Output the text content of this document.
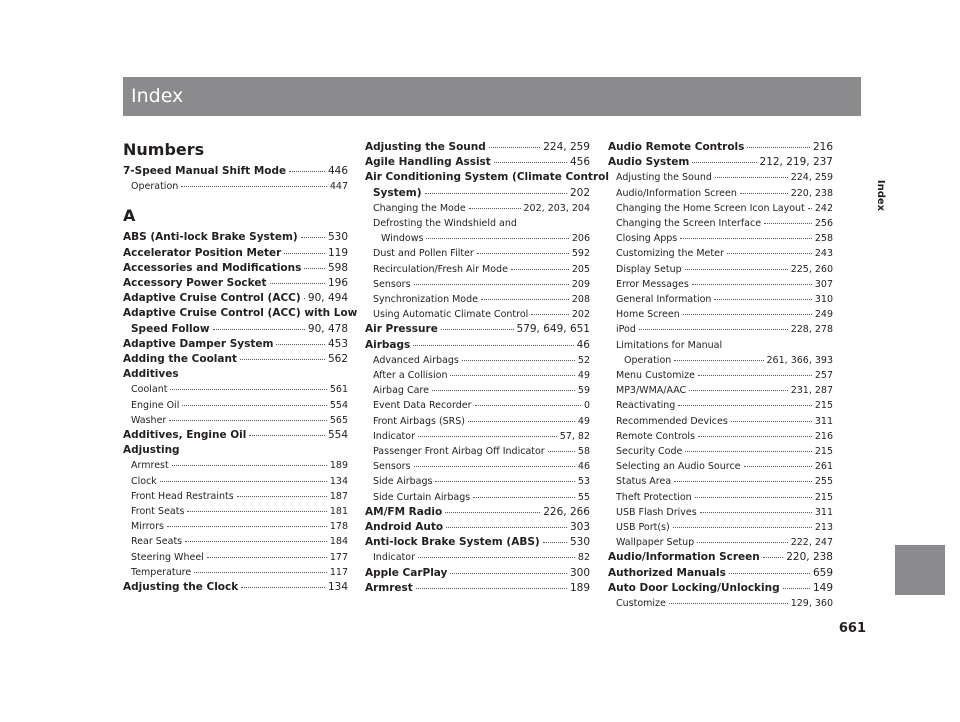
Index
Index
Numbers
7-Speed Manual Shift Mode	446
Operation	447
A
ABS (Anti-lock Brake System)	530
Accelerator Position Meter	119
Accessories and Modifications	598
Accessory Power Socket	196
Adaptive Cruise Control (ACC) 90, 494
Adaptive Cruise Control (ACC) with Low
Speed Follow	90, 478
Adaptive Damper System	453
Adding the Coolant	562
Additives
Coolant	561
Engine Oil	554
Washer	565
Additives, Engine Oil	554
Adjusting
Armrest	189
Clock	134
Front Head Restraints	187
Front Seats	181
Mirrors	178
Rear Seats	184
Steering Wheel	177
Temperature	117
Adjusting the Clock	134
Adjusting the Sound	224, 259
Agile Handling Assist	456
Air Conditioning System (Climate Control
System)	202
Changing the Mode	202, 203, 204
Defrosting the Windshield and
Windows	206
Dust and Pollen Filter	592
Recirculation/Fresh Air Mode	205
Sensors	209
Synchronization Mode	208
Using Automatic Climate Control	202
Air Pressure	579, 649, 651
Airbags	46
Advanced Airbags	52
After a Collision	49
Airbag Care	59
Event Data Recorder	0
Front Airbags (SRS)	49
Indicator	57, 82
Passenger Front Airbag Off Indicator	58
Sensors	46
Side Airbags	53
Side Curtain Airbags	55
AM/FM Radio	226, 266
Android Auto	303
Anti-lock Brake System (ABS)	530
Indicator	82
Apple CarPlay	300
Armrest	189
Audio Remote Controls	216
Audio System	212, 219, 237
Adjusting the Sound	224, 259
Audio/Information Screen	220, 238
Changing the Home Screen Icon Layout 242
Changing the Screen Interface	256
Closing Apps	258
Customizing the Meter	243
Display Setup	225, 260
Error Messages	307
General Information	310
Home Screen	249
iPod	228, 278
Limitations for Manual
Operation	261, 366, 393
Menu Customize	257
MP3/WMA/AAC	231, 287
Reactivating	215
Recommended Devices	311
Remote Controls	216
Security Code	215
Selecting an Audio Source	261
Status Area	255
Theft Protection	215
USB Flash Drives	311
USB Port(s)	213
Wallpaper Setup	222, 247
Audio/Information Screen	220, 238
Authorized Manuals	659
Auto Door Locking/Unlocking	149
Customize	129, 360
661
